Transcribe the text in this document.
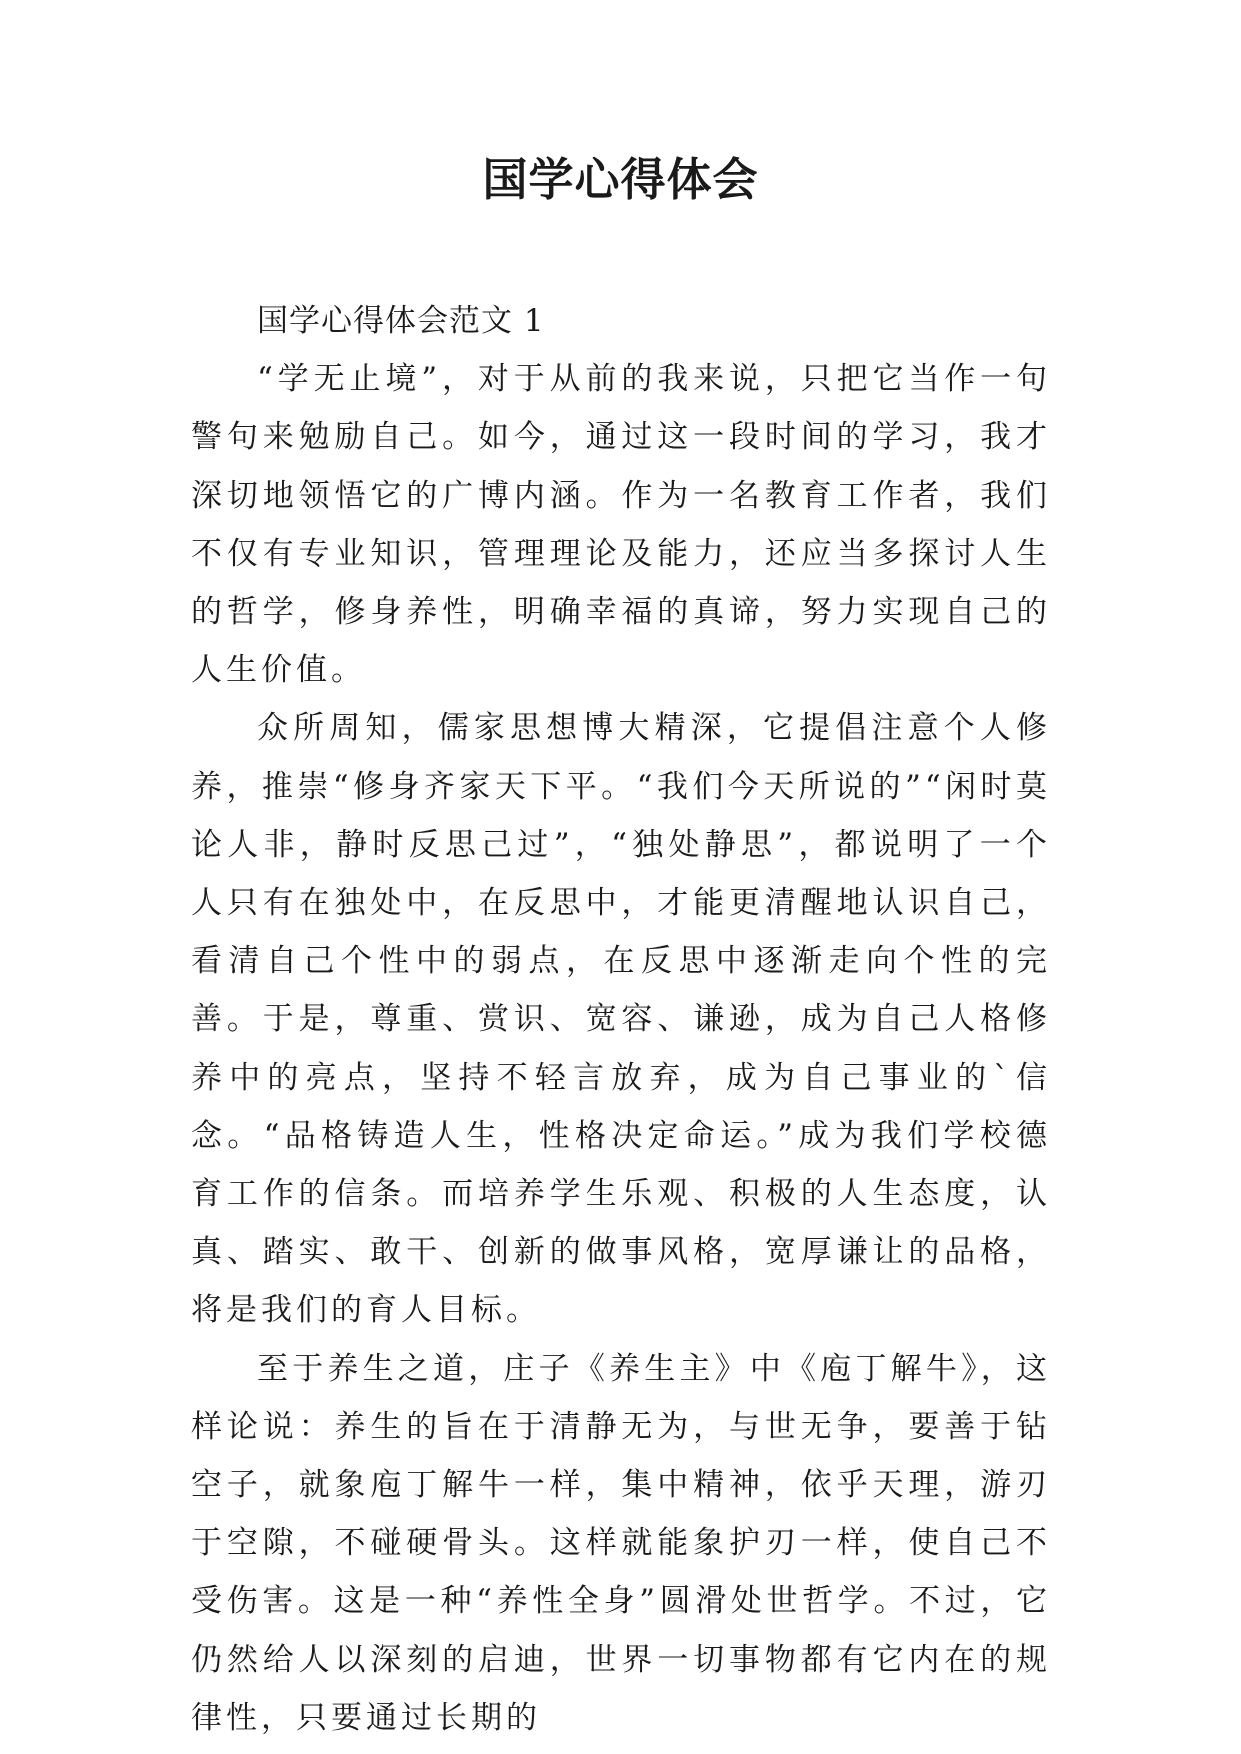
国学心得体会

国学心得体会范文 1

“学无止境”，对于从前的我来说，只把它当作一句警句来勉励自己。如今，通过这一段时间的学习，我才深切地领悟它的广博内涵。作为一名教育工作者，我们不仅有专业知识，管理理论及能力，还应当多探讨人生的哲学，修身养性，明确幸福的真谛，努力实现自己的人生价值。

众所周知，儒家思想博大精深，它提倡注意个人修养，推崇“修身齐家天下平。“我们今天所说的”“闲时莫论人非，静时反思己过”，“独处静思”，都说明了一个人只有在独处中，在反思中，才能更清醒地认识自己，看清自己个性中的弱点，在反思中逐渐走向个性的完善。于是，尊重、赏识、宽容、谦逊，成为自己人格修养中的亮点，坚持不轻言放弃，成为自己事业的`信念。“品格铸造人生，性格决定命运。”成为我们学校德育工作的信条。而培养学生乐观、积极的人生态度，认真、踏实、敢干、创新的做事风格，宽厚谦让的品格，将是我们的育人目标。

至于养生之道，庄子《养生主》中《庖丁解牛》，这样论说：养生的旨在于清静无为，与世无争，要善于钻空子，就象庖丁解牛一样，集中精神，依乎天理，游刃于空隙，不碰硬骨头。这样就能象护刃一样，使自己不受伤害。这是一种“养性全身”圆滑处世哲学。不过，它仍然给人以深刻的启迪，世界一切事物都有它内在的规律性，只要通过长期的
